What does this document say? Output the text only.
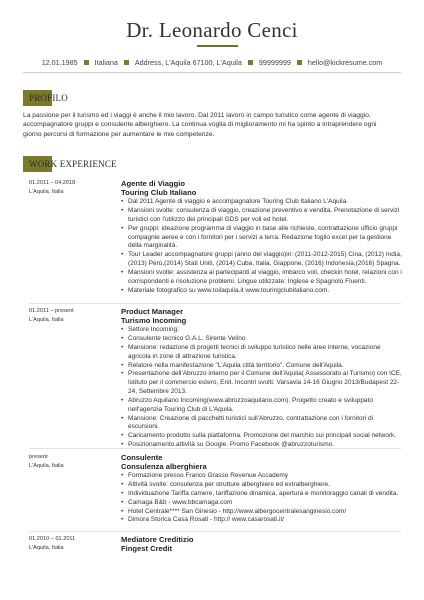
Dr. Leonardo Cenci
12.01.1985 Italiana Address, L'Aquila 67100, L'Aquila 99999999 hello@kickresume.com
PROFILO
La passione per il turismo ed i viaggi è anche il mio lavoro. Dal 2011 lavoro in campo turistico come agente di viaggio, accompagnatore gruppi e consulente alberghiero. La continua voglia di miglioramento mi ha spinto a intraprendere ogni giorno percorsi di formazione per aumentare le mie competenze.
WORK EXPERIENCE
01.2011 – 04.2018
L'Aquila, Italia
Agente di Viaggio
Touring Club Italiano
• Dal 2011 Agente di viaggio e accompagnatore Touring Club Italiano L'Aquila.
• Mansioni svolte: consulenza di viaggio, creazione preventivo e vendita. Prenotazione di servizi turistici con l'utilizzo dei principali GDS per voli ed hotel.
• Per gruppi: ideazione programma di viaggio in base alle richieste, contrattazione ufficio gruppi compagnie aeree e con i fornitori per i servizi a terra. Redazione foglio excel per la gestione della marginalità.
• Tour Leader accompagnatore gruppi (anno del viaggio)in: (2011-2012-2015) Cina, (2012) India, (2013) Perù,(2014) Stati Uniti, (2014) Cuba, Italia, Giappone, (2016) Indonesia,(2016) Spagna.
• Mansioni svolte: assistenza ai partecipanti al viaggio, imbarco voli, checkin hotel, relazioni con i corrispondenti e risoluzione problemi. Lingue utilizzate: Inglese e Spagnolo Fluenti.
• Materiale fotografico su www.toilaquila.it www.touringclubitaliano.com.
01.2011 – present
L'Aquila, Italia
Product Manager
Turismo Incoming
• Settore Incoming:
• Consulente tecnico G.A.L. Sirente Velino
• Mansione: redazione di progetti tecnici di sviluppo turistico nelle aree interne, vocazione agricola in zone di attrazione turistica.
• Relatore nella manifestazione "L'Aquila città territorio". Comune dell'Aquila.
• Presentazione dell'Abruzzo interno per il Comune dell'Aquila( Assessorato al Turismo) con ICE, Istituto per il commercio estero, Enit. Incontri svolti: Varsavia 14-16 Giugno 2013/Budapest 22-24, Settembre 2013.
• Abruzzo Aquilano Incoming(www.abruzzoaquilano.com). Progetto creato e sviluppato nell'agenzia Touring Club di L'Aquila.
• Mansione: Creazione di pacchetti turistici sull'Abruzzo, contrattazione con i fornitori di escursioni.
• Caricamento prodotto sulla piattaforma. Promozione del marchio sui principali social network.
• Posizionamento.attività su Google. Promo Facebook @abruzzoturismo.
present
L'Aquila, Italia
Consulente
Consulenza alberghiera
• Formazione presso Franco Grasso Revenue Accademy
• Attività svolte: consulenza per strutture alberghiere ed extralberghiere.
• Individuazione Tariffa camere, tariffazione dinamica, apertura e monitoraggio canali di vendita.
• Camaga B&b - www.bbcamaga.com
• Hotel Centrale**** San Ginesio - http://www.albergocentralesanginesio.com/
• Dimora Storica Casa Rosati - http:// www.casarosati.it/
01.2010 – 01.2011
L'Aquila, Italia
Mediatore Creditizio
Fingest Credit
